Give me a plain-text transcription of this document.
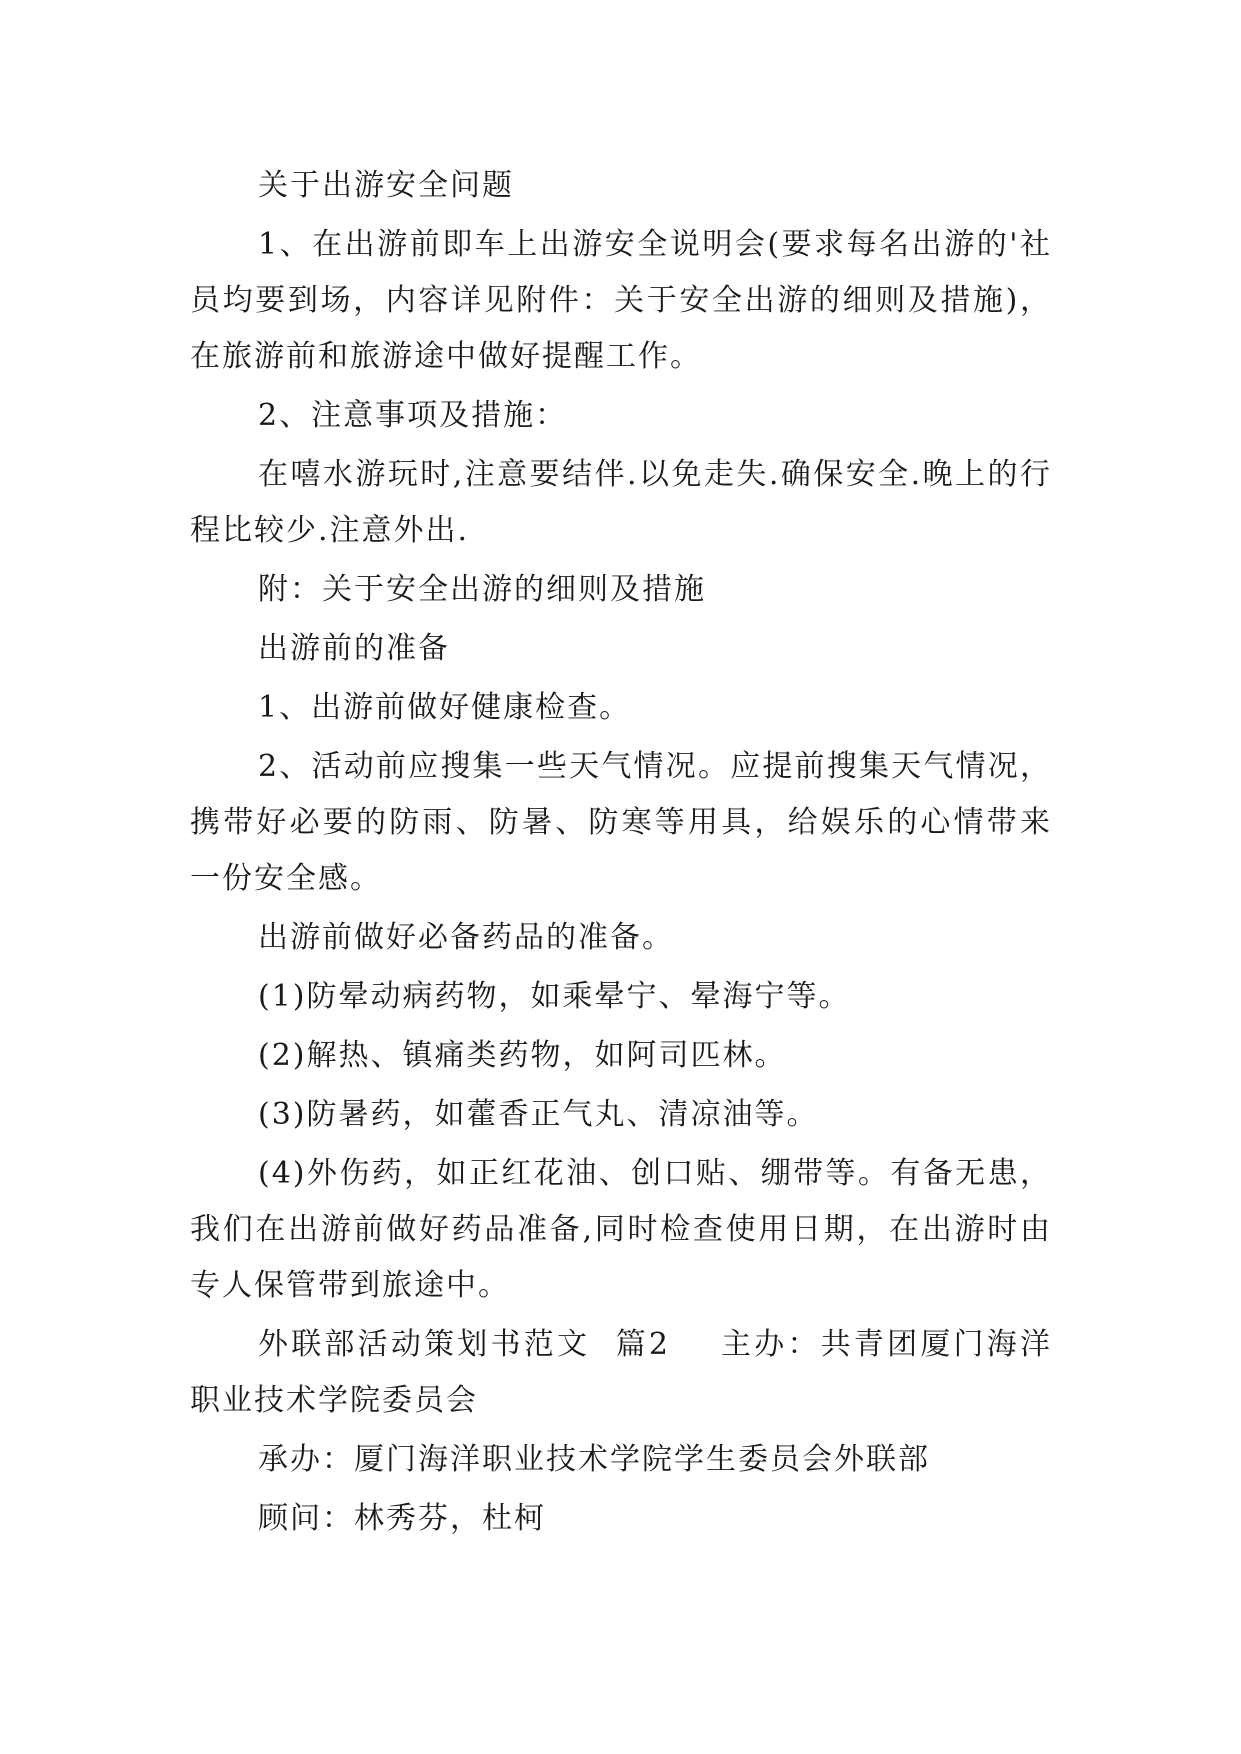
关于出游安全问题

1、在出游前即车上出游安全说明会(要求每名出游的'社员均要到场，内容详见附件：关于安全出游的细则及措施)，在旅游前和旅游途中做好提醒工作。

2、注意事项及措施：

在嘻水游玩时,注意要结伴.以免走失.确保安全.晚上的行程比较少.注意外出.

附：关于安全出游的细则及措施

出游前的准备

1、出游前做好健康检查。

2、活动前应搜集一些天气情况。应提前搜集天气情况，携带好必要的防雨、防暑、防寒等用具，给娱乐的心情带来一份安全感。

出游前做好必备药品的准备。

(1)防晕动病药物，如乘晕宁、晕海宁等。

(2)解热、镇痛类药物，如阿司匹林。

(3)防暑药，如藿香正气丸、清凉油等。

(4)外伤药，如正红花油、创口贴、绷带等。有备无患，我们在出游前做好药品准备,同时检查使用日期，在出游时由专人保管带到旅途中。

外联部活动策划书范文  篇2    主办：共青团厦门海洋职业技术学院委员会

承办：厦门海洋职业技术学院学生委员会外联部

顾问：林秀芬，杜柯
